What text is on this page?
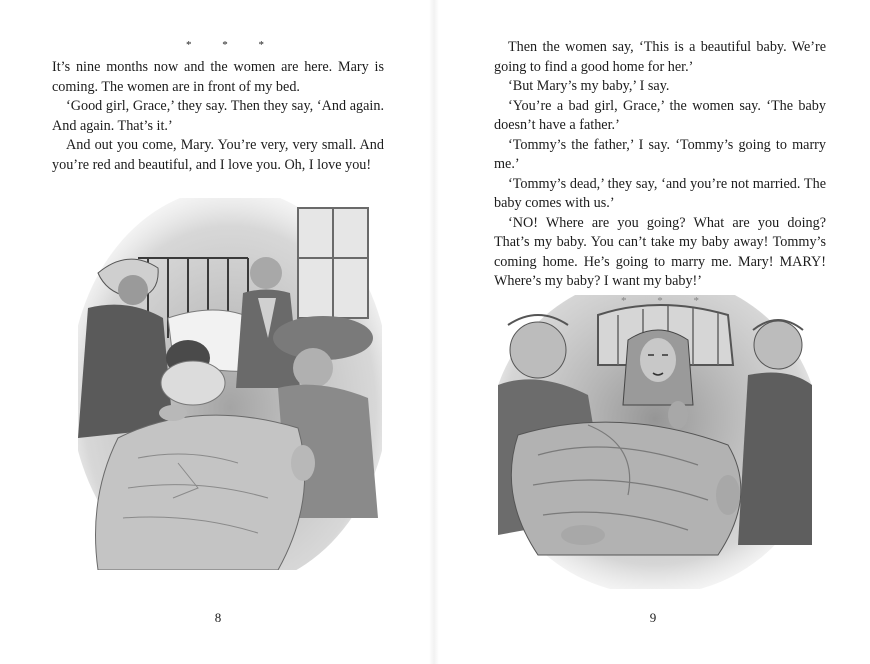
* * *

It’s nine months now and the women are here. Mary is coming. The women are in front of my bed.

‘Good girl, Grace,’ they say. Then they say, ‘And again. And again. That’s it.’

And out you come, Mary. You’re very, very small. And you’re red and beautiful, and I love you. Oh, I love you!

8

Then the women say, ‘This is a beautiful baby. We’re going to find a good home for her.’

‘But Mary’s my baby,’ I say.

‘You’re a bad girl, Grace,’ the women say. ‘The baby doesn’t have a father.’

‘Tommy’s the father,’ I say. ‘Tommy’s going to marry me.’

‘Tommy’s dead,’ they say, ‘and you’re not married. The baby comes with us.’

‘NO! Where are you going? What are you doing? That’s my baby. You can’t take my baby away! Tommy’s coming home. He’s going to marry me. Mary! MARY! Where’s my baby? I want my baby!’

9
